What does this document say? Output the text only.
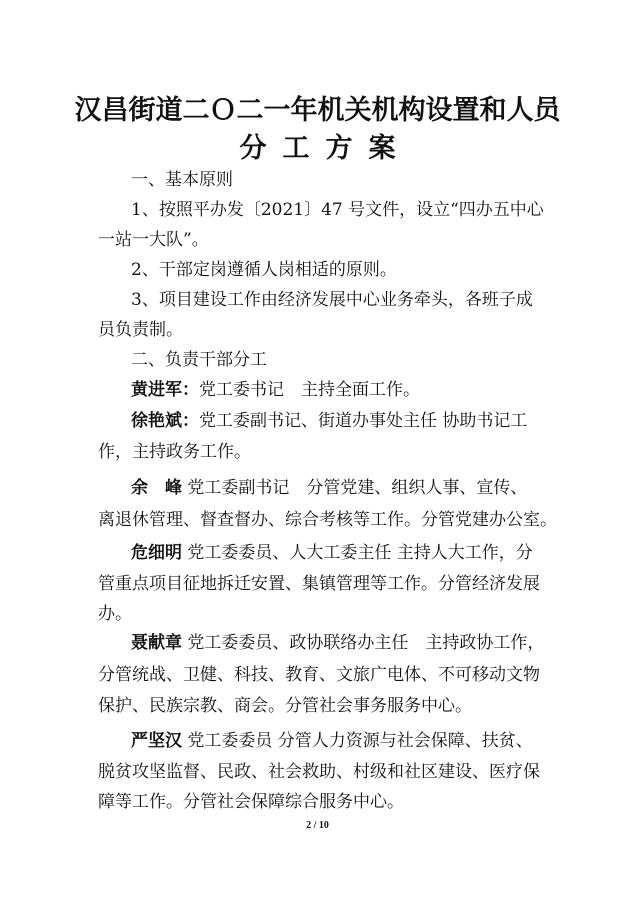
汉昌街道二Ｏ二一年机关机构设置和人员
分工方案
一、基本原则
1、按照平办发〔2021〕47 号文件，设立“四办五中心
一站一大队”。
2、干部定岗遵循人岗相适的原则。
3、项目建设工作由经济发展中心业务牵头，各班子成
员负责制。
二、负责干部分工
黄进军：党工委书记　主持全面工作。
徐艳斌：党工委副书记、街道办事处主任 协助书记工
作，主持政务工作。
余　峰 党工委副书记　分管党建、组织人事、宣传、
离退休管理、督查督办、综合考核等工作。分管党建办公室。
危细明 党工委委员、人大工委主任 主持人大工作，分
管重点项目征地拆迁安置、集镇管理等工作。分管经济发展
办。
聂献章 党工委委员、政协联络办主任　主持政协工作，
分管统战、卫健、科技、教育、文旅广电体、不可移动文物
保护、民族宗教、商会。分管社会事务服务中心。
严坚汉 党工委委员 分管人力资源与社会保障、扶贫、
脱贫攻坚监督、民政、社会救助、村级和社区建设、医疗保
障等工作。分管社会保障综合服务中心。
2 / 10
